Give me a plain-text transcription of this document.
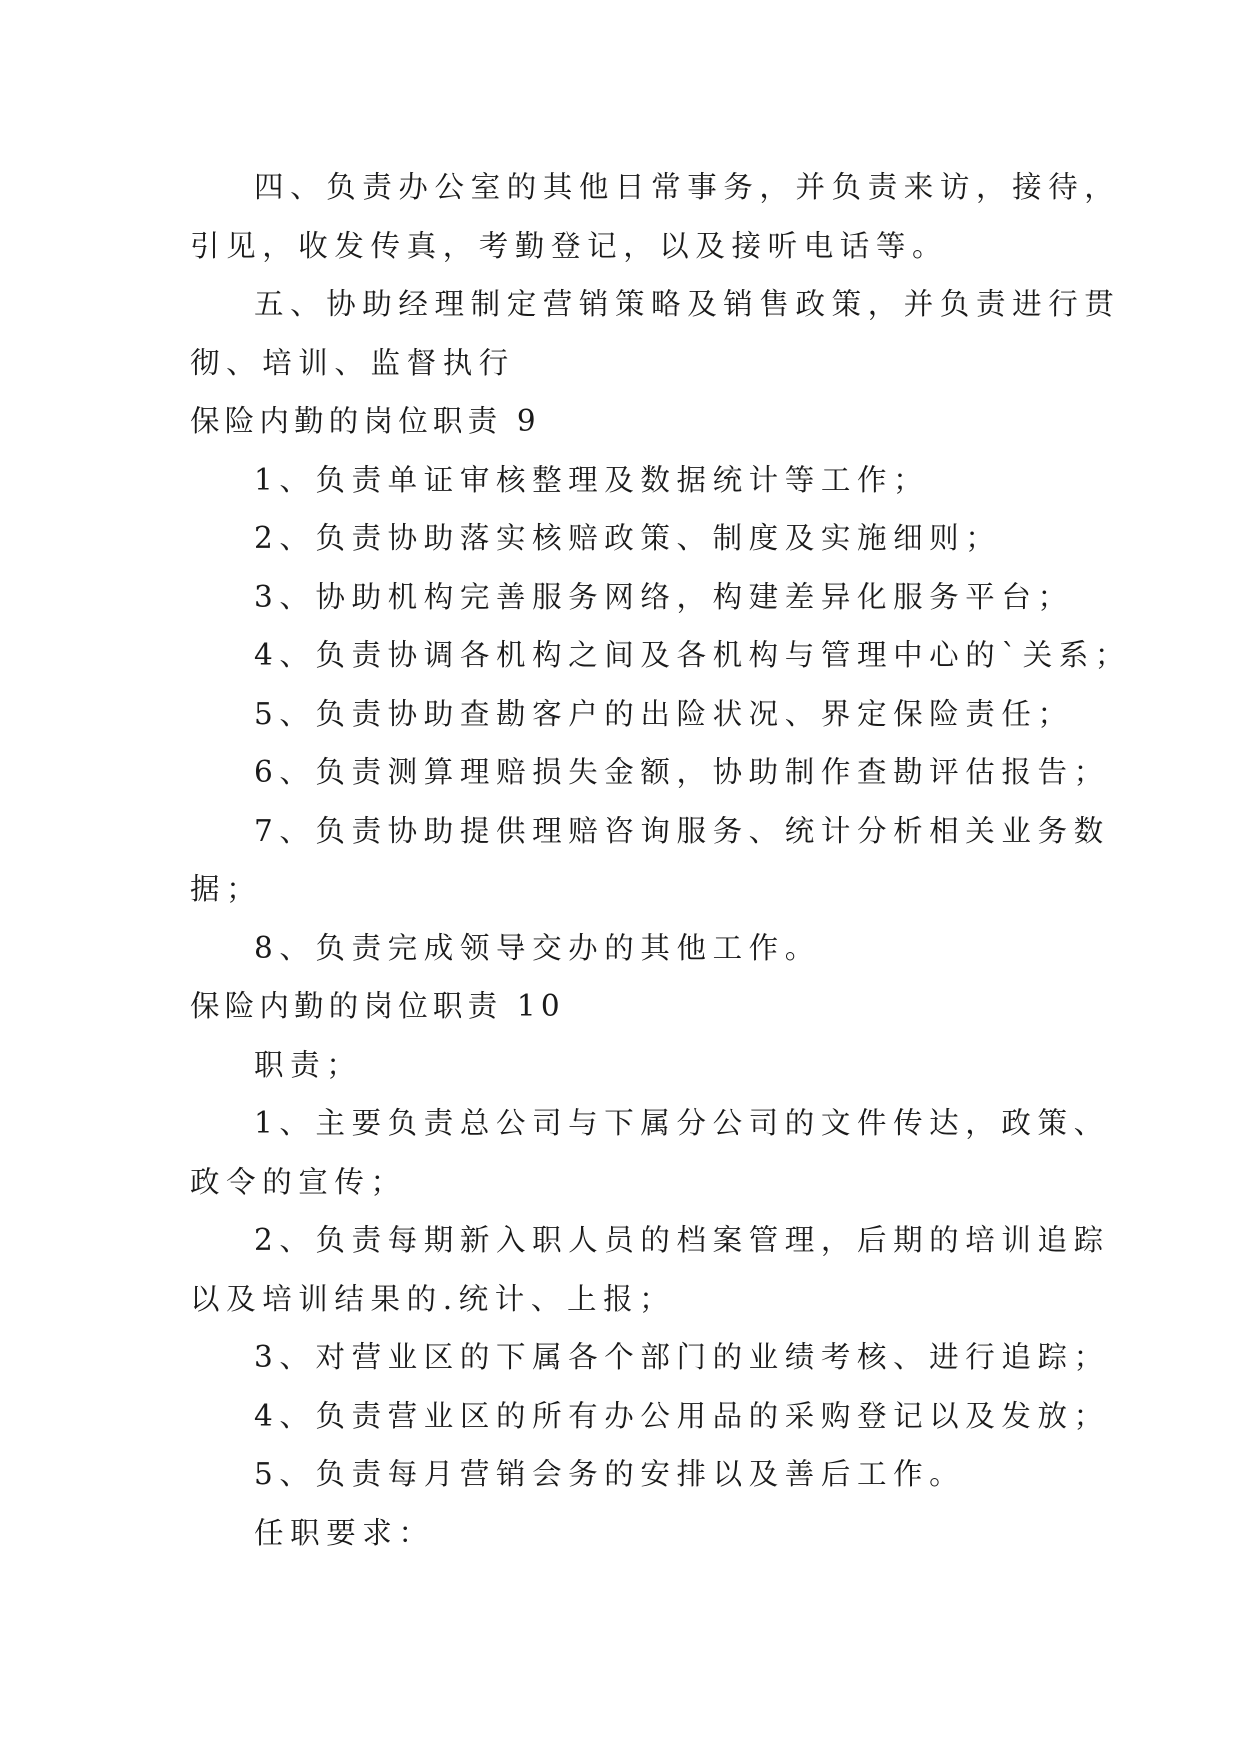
四、负责办公室的其他日常事务，并负责来访，接待，
引见，收发传真，考勤登记，以及接听电话等。
五、协助经理制定营销策略及销售政策，并负责进行贯
彻、培训、监督执行
保险内勤的岗位职责 9
1、负责单证审核整理及数据统计等工作；
2、负责协助落实核赔政策、制度及实施细则；
3、协助机构完善服务网络，构建差异化服务平台；
4、负责协调各机构之间及各机构与管理中心的`关系；
5、负责协助查勘客户的出险状况、界定保险责任；
6、负责测算理赔损失金额，协助制作查勘评估报告；
7、负责协助提供理赔咨询服务、统计分析相关业务数
据；
8、负责完成领导交办的其他工作。
保险内勤的岗位职责 10
职责；
1、主要负责总公司与下属分公司的文件传达，政策、
政令的宣传；
2、负责每期新入职人员的档案管理，后期的培训追踪
以及培训结果的.统计、上报；
3、对营业区的下属各个部门的业绩考核、进行追踪；
4、负责营业区的所有办公用品的采购登记以及发放；
5、负责每月营销会务的安排以及善后工作。
任职要求：
